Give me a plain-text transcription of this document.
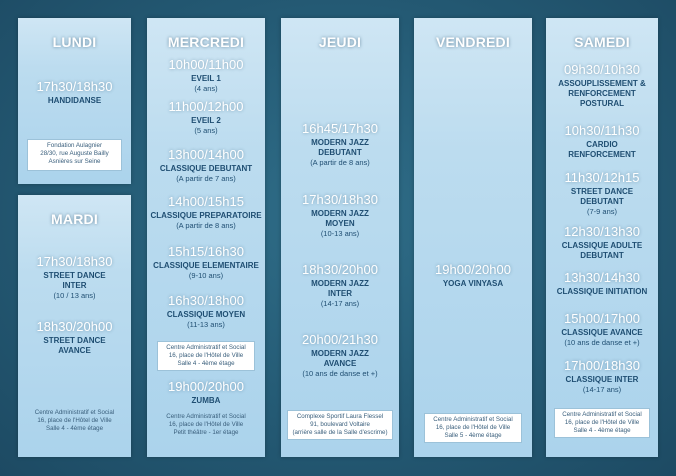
LUNDI
17h30/18h30
HANDIDANSE
Fondation Aulagnier
28/30, rue Auguste Bailly
Asnières sur Seine
MARDI
17h30/18h30
STREET DANCE
INTER
(10 / 13 ans)
18h30/20h00
STREET DANCE
AVANCE
Centre Administratif et Social
16, place de l'Hôtel de Ville
Salle 4 - 4ème étage
MERCREDI
10h00/11h00
EVEIL 1
(4 ans)
11h00/12h00
EVEIL 2
(5 ans)
13h00/14h00
CLASSIQUE DEBUTANT
(A partir de 7 ans)
14h00/15h15
CLASSIQUE PREPARATOIRE
(A partir de 8 ans)
15h15/16h30
CLASSIQUE ELEMENTAIRE
(9-10 ans)
16h30/18h00
CLASSIQUE MOYEN
(11-13 ans)
Centre Administratif et Social
16, place de l'Hôtel de Ville
Salle 4 - 4ème étage
19h00/20h00
ZUMBA
Centre Administratif et Social
16, place de l'Hôtel de Ville
Petit théâtre - 1er étage
JEUDI
16h45/17h30
MODERN JAZZ
DEBUTANT
(A partir de 8 ans)
17h30/18h30
MODERN JAZZ
MOYEN
(10-13 ans)
18h30/20h00
MODERN JAZZ
INTER
(14-17 ans)
20h00/21h30
MODERN JAZZ
AVANCE
(10 ans de danse et +)
Complexe Sportif Laura Flessel
91, boulevard Voltaire
(arrière salle de la Salle d'escrime)
VENDREDI
19h00/20h00
YOGA VINYASA
Centre Administratif et Social
16, place de l'Hôtel de Ville
Salle 5 - 4ème étage
SAMEDI
09h30/10h30
ASSOUPLISSEMENT &
RENFORCEMENT
POSTURAL
10h30/11h30
CARDIO
RENFORCEMENT
11h30/12h15
STREET DANCE
DEBUTANT
(7-9 ans)
12h30/13h30
CLASSIQUE ADULTE
DEBUTANT
13h30/14h30
CLASSIQUE INITIATION
15h00/17h00
CLASSIQUE AVANCE
(10 ans de danse et +)
17h00/18h30
CLASSIQUE INTER
(14-17 ans)
Centre Administratif et Social
16, place de l'Hôtel de Ville
Salle 4 - 4ème étage
